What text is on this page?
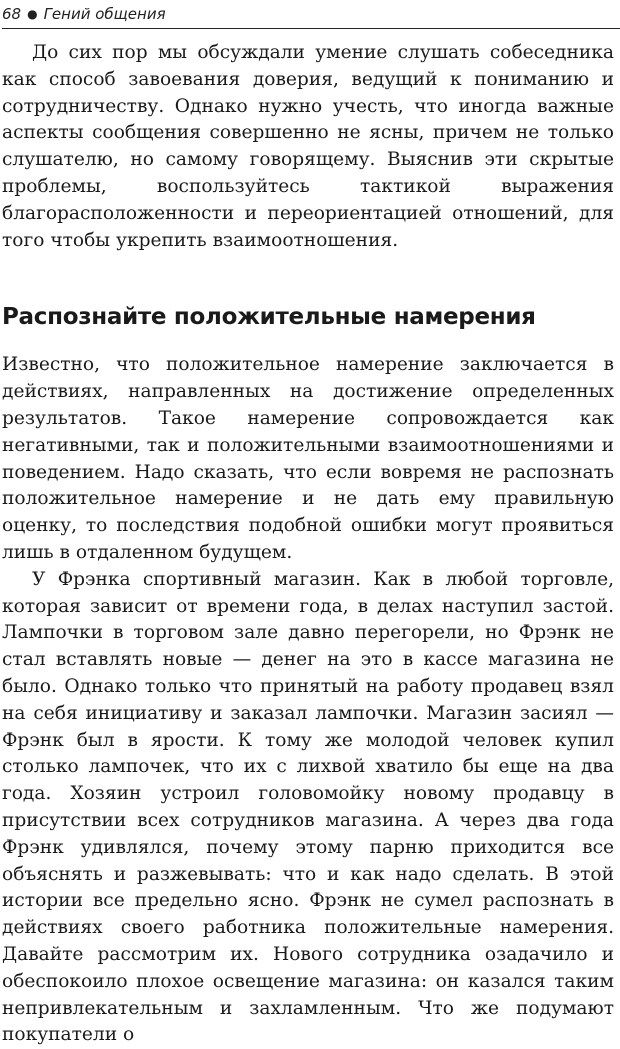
68 ● Гений общения

До сих пор мы обсуждали умение слушать собеседника как способ завоевания доверия, ведущий к пониманию и сотрудничеству. Однако нужно учесть, что иногда важные аспекты сообщения совершенно не ясны, причем не только слушателю, но самому говорящему. Выяснив эти скрытые проблемы, воспользуйтесь тактикой выражения благорасположенности и переориентацией отношений, для того чтобы укрепить взаимоотношения.

Распознайте положительные намерения

Известно, что положительное намерение заключается в действиях, направленных на достижение определенных результатов. Такое намерение сопровождается как негативными, так и положительными взаимоотношениями и поведением. Надо сказать, что если вовремя не распознать положительное намерение и не дать ему правильную оценку, то последствия подобной ошибки могут проявиться лишь в отдаленном будущем.

У Фрэнка спортивный магазин. Как в любой торговле, которая зависит от времени года, в делах наступил застой. Лампочки в торговом зале давно перегорели, но Фрэнк не стал вставлять новые — денег на это в кассе магазина не было. Однако только что принятый на работу продавец взял на себя инициативу и заказал лампочки. Магазин засиял — Фрэнк был в ярости. К тому же молодой человек купил столько лампочек, что их с лихвой хватило бы еще на два года. Хозяин устроил головомойку новому продавцу в присутствии всех сотрудников магазина. А через два года Фрэнк удивлялся, почему этому парню приходится все объяснять и разжевывать: что и как надо сделать. В этой истории все предельно ясно. Фрэнк не сумел распознать в действиях своего работника положительные намерения. Давайте рассмотрим их. Нового сотрудника озадачило и обеспокоило плохое освещение магазина: он казался таким непривлекательным и захламленным. Что же подумают покупатели о
